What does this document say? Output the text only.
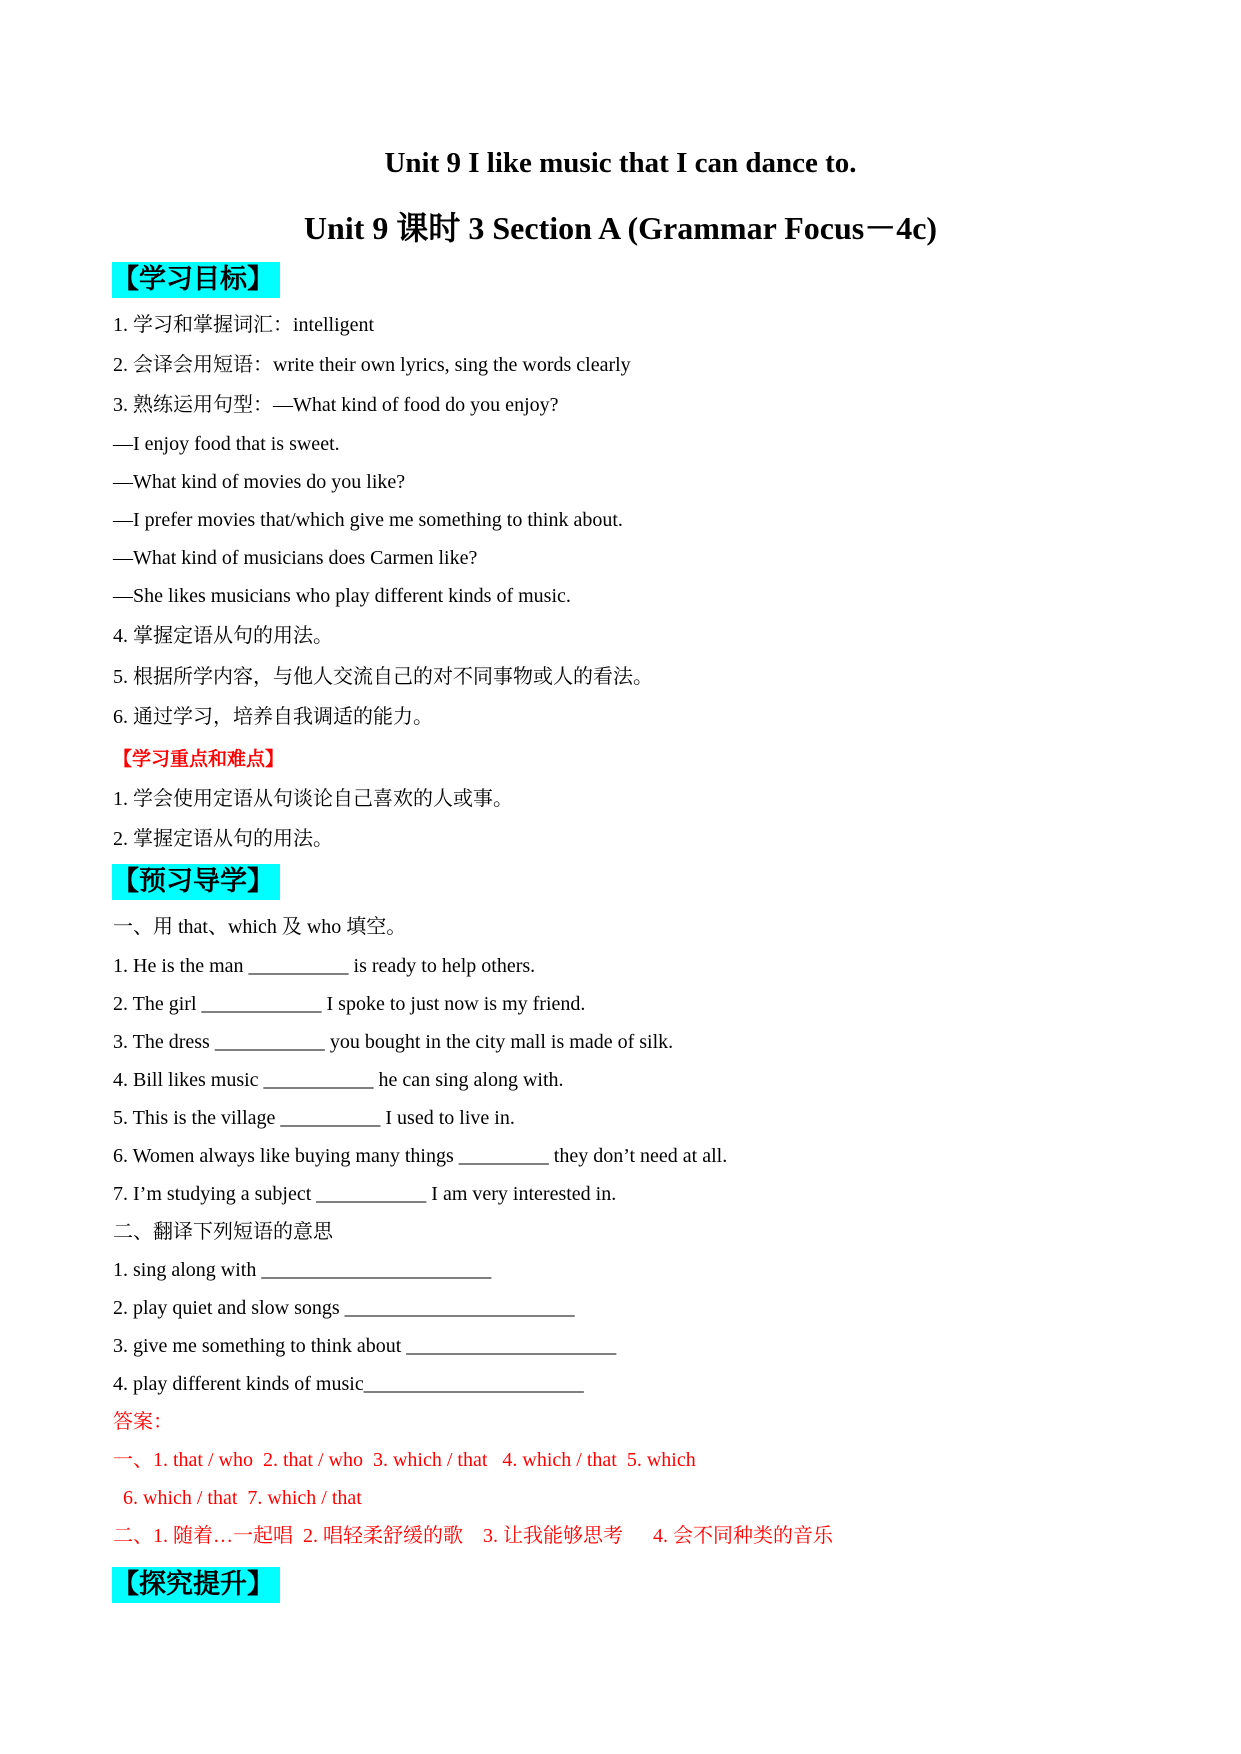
Unit 9 I like music that I can dance to.
Unit 9 课时 3 Section A (Grammar Focus－4c)
【学习目标】
1. 学习和掌握词汇：intelligent
2. 会译会用短语：write their own lyrics, sing the words clearly
3. 熟练运用句型：—What kind of food do you enjoy?
—I enjoy food that is sweet.
—What kind of movies do you like?
—I prefer movies that/which give me something to think about.
—What kind of musicians does Carmen like?
—She likes musicians who play different kinds of music.
4. 掌握定语从句的用法。
5. 根据所学内容，与他人交流自己的对不同事物或人的看法。
6. 通过学习，培养自我调适的能力。
【学习重点和难点】
1. 学会使用定语从句谈论自己喜欢的人或事。
2. 掌握定语从句的用法。
【预习导学】
一、用 that、which 及 who 填空。
1. He is the man __________ is ready to help others.
2. The girl ____________ I spoke to just now is my friend.
3. The dress ___________ you bought in the city mall is made of silk.
4. Bill likes music ___________ he can sing along with.
5. This is the village __________ I used to live in.
6. Women always like buying many things _________ they don’t need at all.
7. I’m studying a subject ___________ I am very interested in.
二、翻译下列短语的意思
1. sing along with _______________________
2. play quiet and slow songs _______________________
3. give me something to think about _____________________
4. play different kinds of music______________________
答案：
一、1. that / who  2. that / who  3. which / that   4. which / that  5. which
6. which / that  7. which / that
二、1. 随着…一起唱  2. 唱轻柔舒缓的歌    3. 让我能够思考      4. 会不同种类的音乐
【探究提升】
